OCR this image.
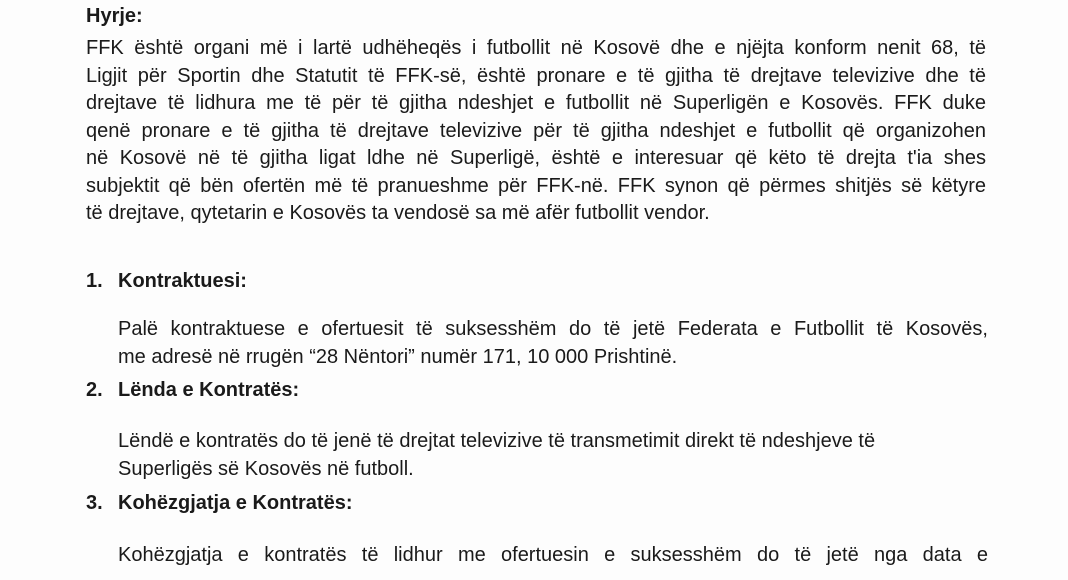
Hyrje:
FFK është organi më i lartë udhëheqës i futbollit në Kosovë dhe e njëjta konform nenit 68, të
Ligjit për Sportin dhe Statutit të FFK-së, është pronare e të gjitha të drejtave televizive dhe të
drejtave të lidhura me të për të gjitha ndeshjet e futbollit në Superligën e Kosovës. FFK duke
qenë pronare e të gjitha të drejtave televizive për të gjitha ndeshjet e futbollit që organizohen
në Kosovë në të gjitha ligat ldhe në Superligë, është e interesuar që këto të drejta t'ia shes
subjektit që bën ofertën më të pranueshme për FFK-në. FFK synon që përmes shitjës së këtyre
të drejtave, qytetarin e Kosovës ta vendosë sa më afër futbollit vendor.
1. Kontraktuesi:
Palë kontraktuese e ofertuesit të suksesshëm do të jetë Federata e Futbollit të Kosovës,
me adresë në rrugën “28 Nëntori” numër 171, 10 000 Prishtinë.
2. Lënda e Kontratës:
Lëndë e kontratës do të jenë të drejtat televizive të transmetimit direkt të ndeshjeve të
Superligës së Kosovës në futboll.
3. Kohëzgjatja e Kontratës:
Kohëzgjatja e kontratës të lidhur me ofertuesin e suksesshëm do të jetë nga data e
